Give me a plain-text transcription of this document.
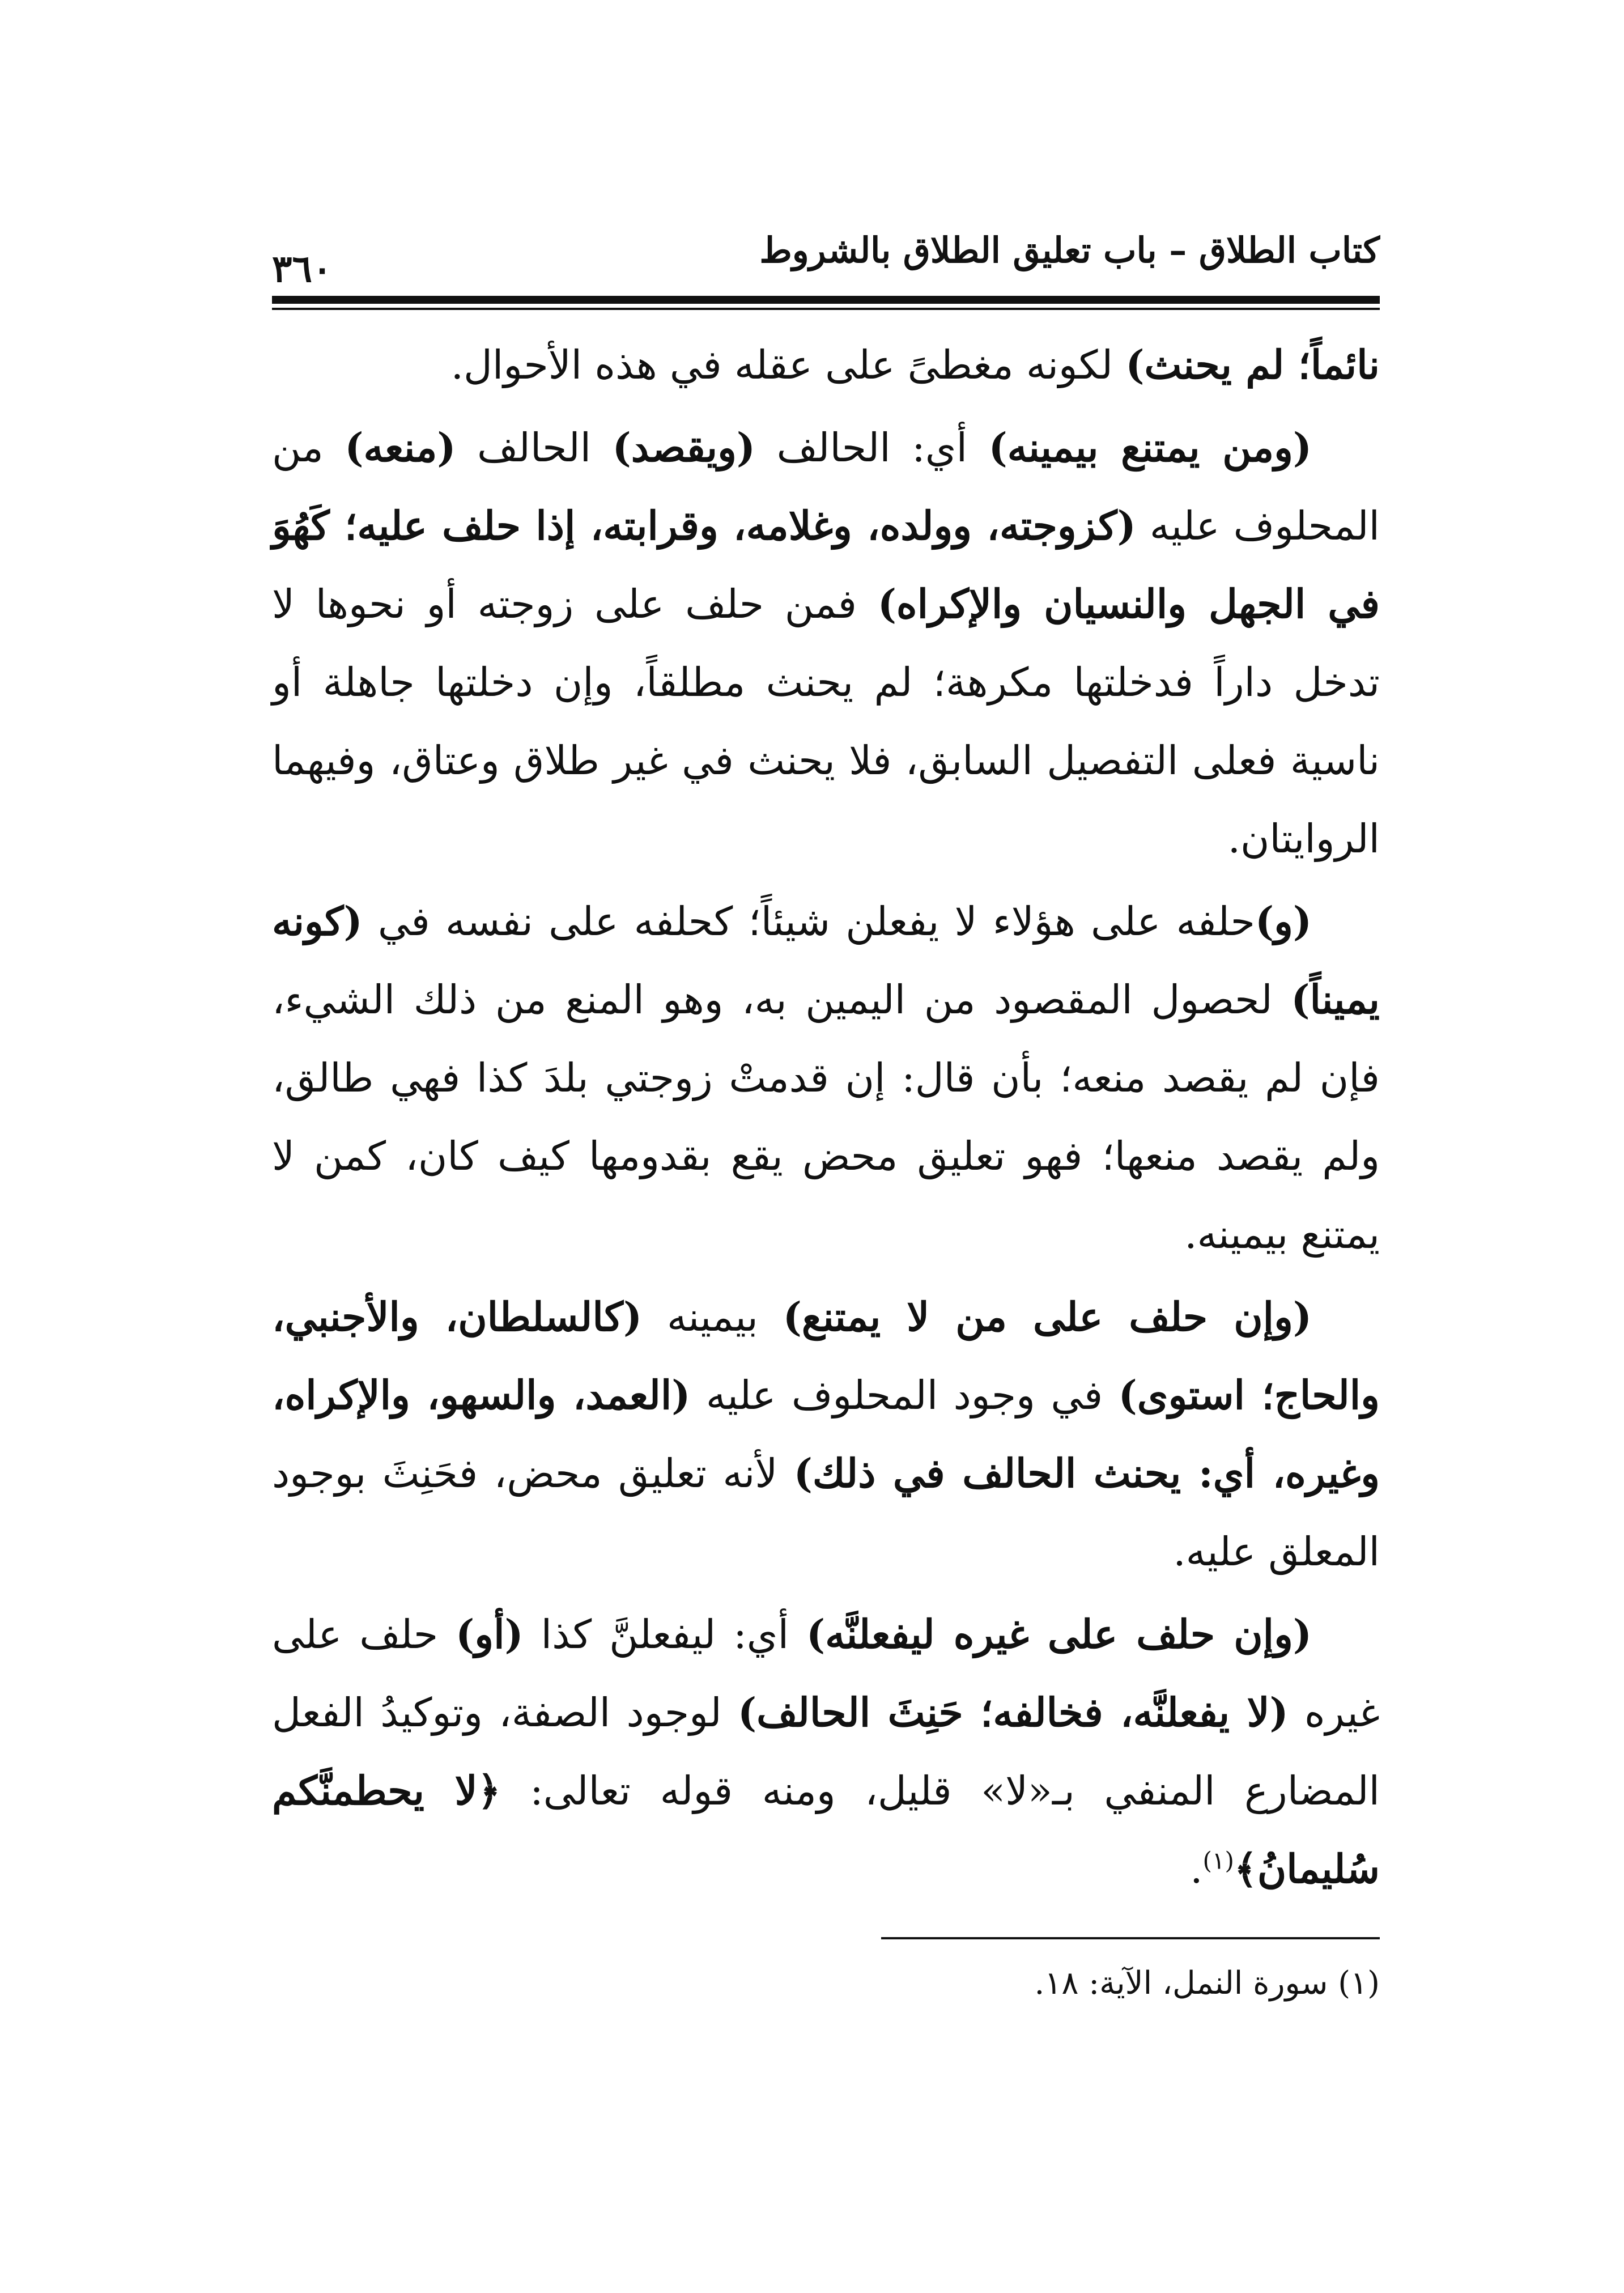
٣٦٠	كتاب الطلاق – باب تعليق الطلاق بالشروط

نائماً؛ لم يحنث) لكونه مغطىً على عقله في هذه الأحوال.

(ومن يمتنع بيمينه) أي: الحالف (ويقصد) الحالف (منعه) من المحلوف عليه (كزوجته، وولده، وغلامه، وقرابته، إذا حلف عليه؛ كَهُوَ في الجهل والنسيان والإكراه) فمن حلف على زوجته أو نحوها لا تدخل داراً فدخلتها مكرهة؛ لم يحنث مطلقاً، وإن دخلتها جاهلة أو ناسية فعلى التفصيل السابق، فلا يحنث في غير طلاق وعتاق، وفيهما الروايتان.

(و)حلفه على هؤلاء لا يفعلن شيئاً؛ كحلفه على نفسه في (كونه يميناً) لحصول المقصود من اليمين به، وهو المنع من ذلك الشيء، فإن لم يقصد منعه؛ بأن قال: إن قدمتْ زوجتي بلدَ كذا فهي طالق، ولم يقصد منعها؛ فهو تعليق محض يقع بقدومها كيف كان، كمن لا يمتنع بيمينه.

(وإن حلف على من لا يمتنع) بيمينه (كالسلطان، والأجنبي، والحاج؛ استوى) في وجود المحلوف عليه (العمد، والسهو، والإكراه، وغيره، أي: يحنث الحالف في ذلك) لأنه تعليق محض، فحَنِثَ بوجود المعلق عليه.

(وإن حلف على غيره ليفعلنَّه) أي: ليفعلنَّ كذا (أو) حلف على غيره (لا يفعلنَّه، فخالفه؛ حَنِثَ الحالف) لوجود الصفة، وتوكيدُ الفعل المضارع المنفي بـ«لا» قليل، ومنه قوله تعالى: ﴿لا يحطمنَّكم سُليمانُ﴾$^{(١)}$.

(١) سورة النمل، الآية: ١٨.
